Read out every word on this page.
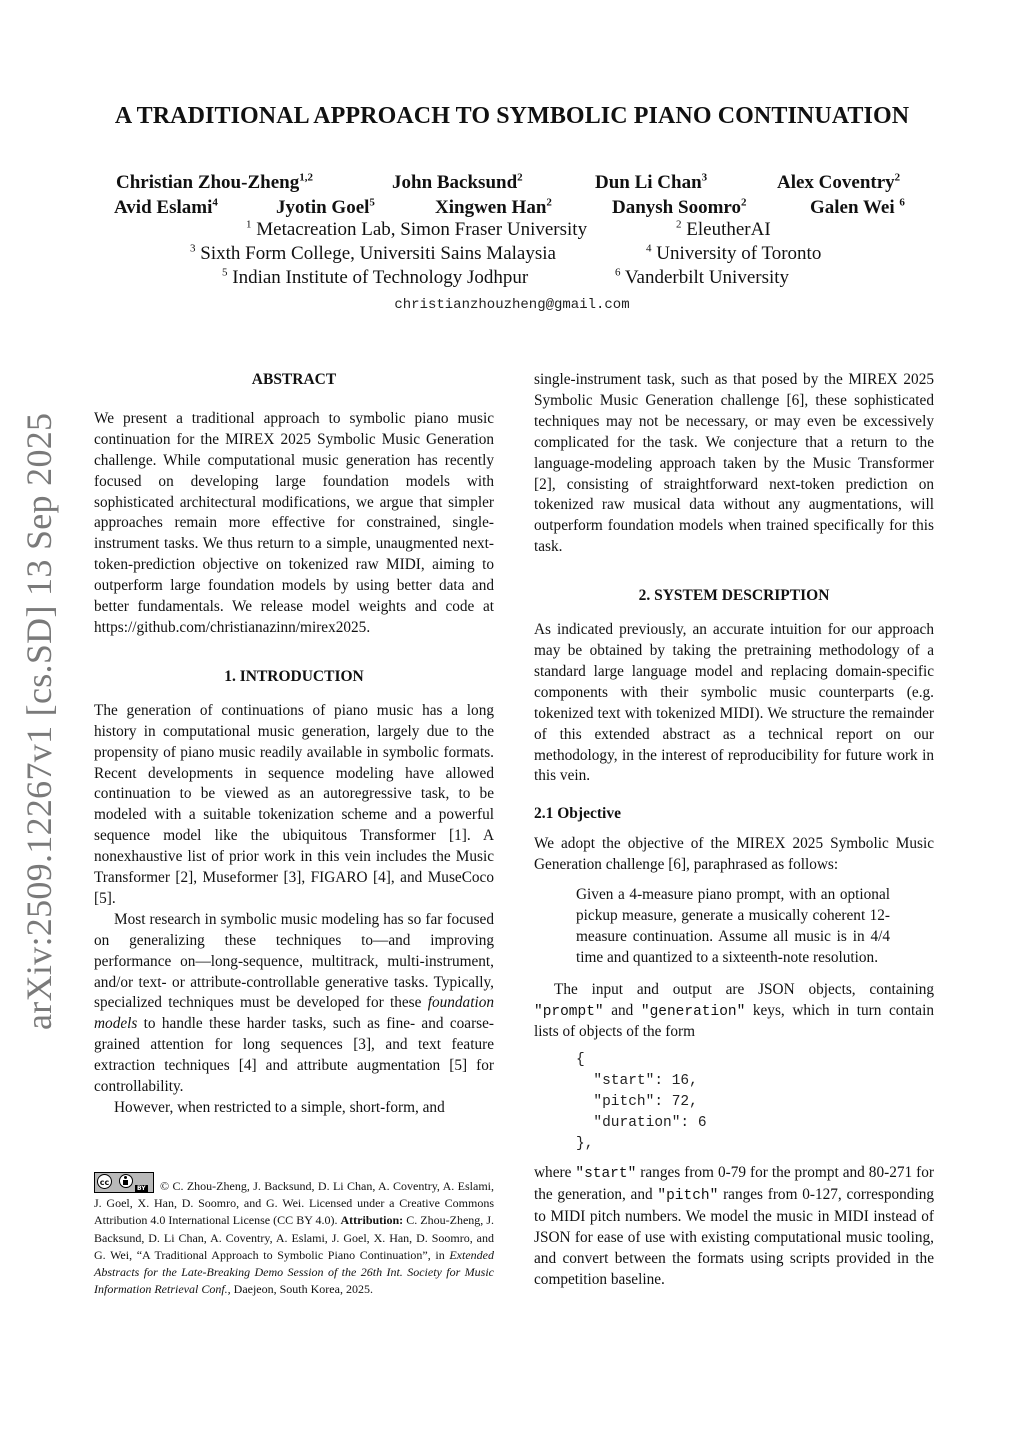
A TRADITIONAL APPROACH TO SYMBOLIC PIANO CONTINUATION
Christian Zhou-Zheng$^{1,2}$	John Backsund$^2$	Dun Li Chan$^3$	Alex Coventry$^2$
Avid Eslami$^4$	Jyotin Goel$^5$	Xingwen Han$^2$	Danysh Soomro$^2$	Galen Wei $^6$
$^1$ Metacreation Lab, Simon Fraser University	$^2$ EleutherAI
$^3$ Sixth Form College, Universiti Sains Malaysia	$^4$ University of Toronto
$^5$ Indian Institute of Technology Jodhpur	$^6$ Vanderbilt University
christianzhouzheng@gmail.com
arXiv:2509.12267v1 [cs.SD] 13 Sep 2025

ABSTRACT

We present a traditional approach to symbolic piano music continuation for the MIREX 2025 Symbolic Music Generation challenge. While computational music generation has recently focused on developing large foundation models with sophisticated architectural modifications, we argue that simpler approaches remain more effective for constrained, single-instrument tasks. We thus return to a simple, unaugmented next-token-prediction objective on tokenized raw MIDI, aiming to outperform large foundation models by using better data and better fundamentals. We release model weights and code at https://github.com/christianazinn/mirex2025.

1. INTRODUCTION

The generation of continuations of piano music has a long history in computational music generation, largely due to the propensity of piano music readily available in symbolic formats. Recent developments in sequence modeling have allowed continuation to be viewed as an autoregressive task, to be modeled with a suitable tokenization scheme and a powerful sequence model like the ubiquitous Transformer [1]. A nonexhaustive list of prior work in this vein includes the Music Transformer [2], Museformer [3], FIGARO [4], and MuseCoco [5].

Most research in symbolic music modeling has so far focused on generalizing these techniques to—and improving performance on—long-sequence, multitrack, multi-instrument, and/or text- or attribute-controllable generative tasks. Typically, specialized techniques must be developed for these foundation models to handle these harder tasks, such as fine- and coarse-grained attention for long sequences [3], and text feature extraction techniques [4] and attribute augmentation [5] for controllability.

However, when restricted to a simple, short-form, and

cc
BY © C. Zhou-Zheng, J. Backsund, D. Li Chan, A. Coventry, A. Eslami, J. Goel, X. Han, D. Soomro, and G. Wei. Licensed under a Creative Commons Attribution 4.0 International License (CC BY 4.0). Attribution: C. Zhou-Zheng, J. Backsund, D. Li Chan, A. Coventry, A. Eslami, J. Goel, X. Han, D. Soomro, and G. Wei, “A Traditional Approach to Symbolic Piano Continuation”, in Extended Abstracts for the Late-Breaking Demo Session of the 26th Int. Society for Music Information Retrieval Conf., Daejeon, South Korea, 2025.

single-instrument task, such as that posed by the MIREX 2025 Symbolic Music Generation challenge [6], these sophisticated techniques may not be necessary, or may even be excessively complicated for the task. We conjecture that a return to the language-modeling approach taken by the Music Transformer [2], consisting of straightforward next-token prediction on tokenized raw musical data without any augmentations, will outperform foundation models when trained specifically for this task.

2. SYSTEM DESCRIPTION

As indicated previously, an accurate intuition for our approach may be obtained by taking the pretraining methodology of a standard large language model and replacing domain-specific components with their symbolic music counterparts (e.g. tokenized text with tokenized MIDI). We structure the remainder of this extended abstract as a technical report on our methodology, in the interest of reproducibility for future work in this vein.

2.1 Objective

We adopt the objective of the MIREX 2025 Symbolic Music Generation challenge [6], paraphrased as follows:

Given a 4-measure piano prompt, with an optional pickup measure, generate a musically coherent 12-measure continuation. Assume all music is in 4/4 time and quantized to a sixteenth-note resolution.

The input and output are JSON objects, containing "prompt" and "generation" keys, which in turn contain lists of objects of the form

{
"start": 16,
"pitch": 72,
"duration": 6
},

where "start" ranges from 0-79 for the prompt and 80-271 for the generation, and "pitch" ranges from 0-127, corresponding to MIDI pitch numbers. We model the music in MIDI instead of JSON for ease of use with existing computational music tooling, and convert between the formats using scripts provided in the competition baseline.
